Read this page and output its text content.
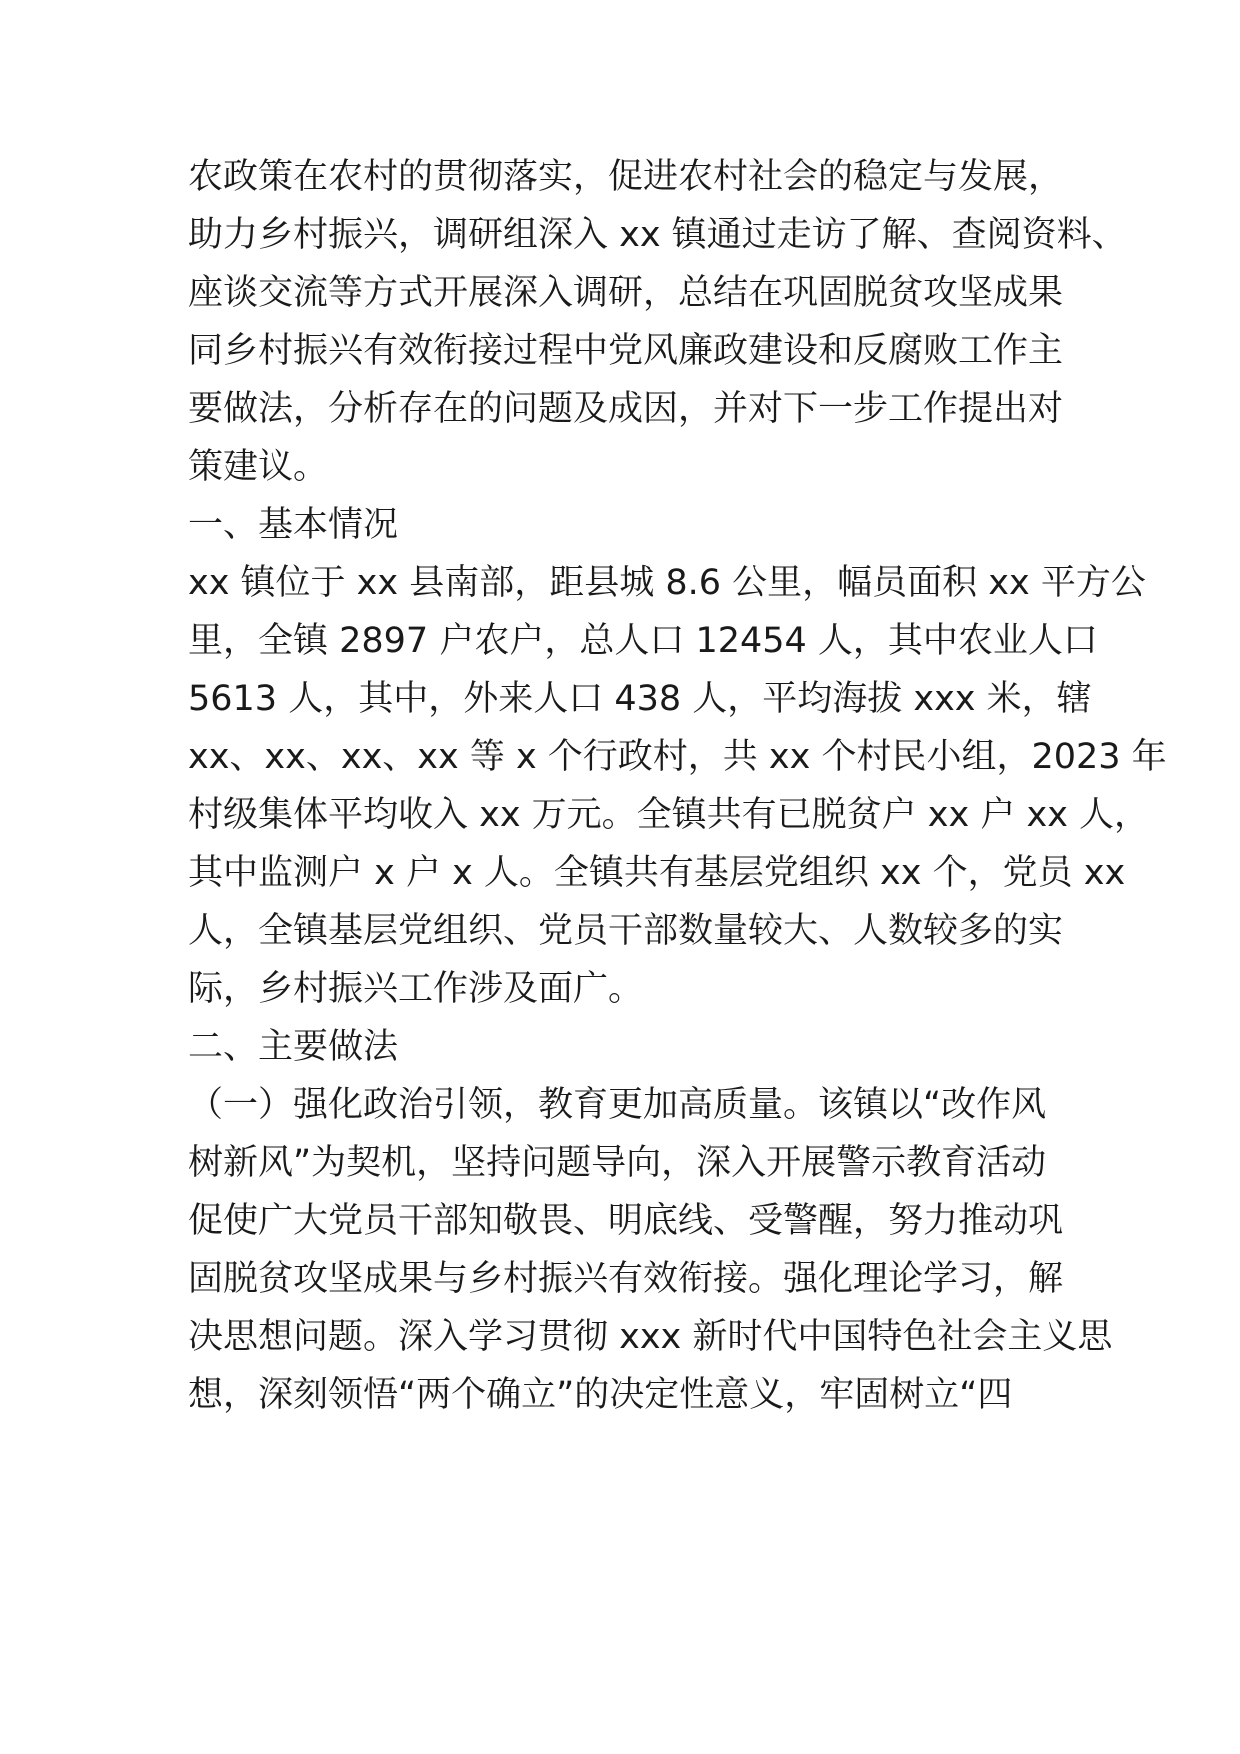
农政策在农村的贯彻落实，促进农村社会的稳定与发展，
助力乡村振兴，调研组深入 xx 镇通过走访了解、查阅资料、
座谈交流等方式开展深入调研，总结在巩固脱贫攻坚成果
同乡村振兴有效衔接过程中党风廉政建设和反腐败工作主
要做法，分析存在的问题及成因，并对下一步工作提出对
策建议。
一、基本情况
xx 镇位于 xx 县南部，距县城 8.6 公里，幅员面积 xx 平方公
里，全镇 2897 户农户，总人口 12454 人，其中农业人口
5613 人，其中，外来人口 438 人，平均海拔 xxx 米，辖
xx、xx、xx、xx 等 x 个行政村，共 xx 个村民小组，2023 年
村级集体平均收入 xx 万元。全镇共有已脱贫户 xx 户 xx 人，
其中监测户 x 户 x 人。全镇共有基层党组织 xx 个，党员 xx
人，全镇基层党组织、党员干部数量较大、人数较多的实
际，乡村振兴工作涉及面广。
二、主要做法
（一）强化政治引领，教育更加高质量。该镇以“改作风
树新风”为契机，坚持问题导向，深入开展警示教育活动
促使广大党员干部知敬畏、明底线、受警醒，努力推动巩
固脱贫攻坚成果与乡村振兴有效衔接。强化理论学习，解
决思想问题。深入学习贯彻 xxx 新时代中国特色社会主义思
想，深刻领悟“两个确立”的决定性意义，牢固树立“四
